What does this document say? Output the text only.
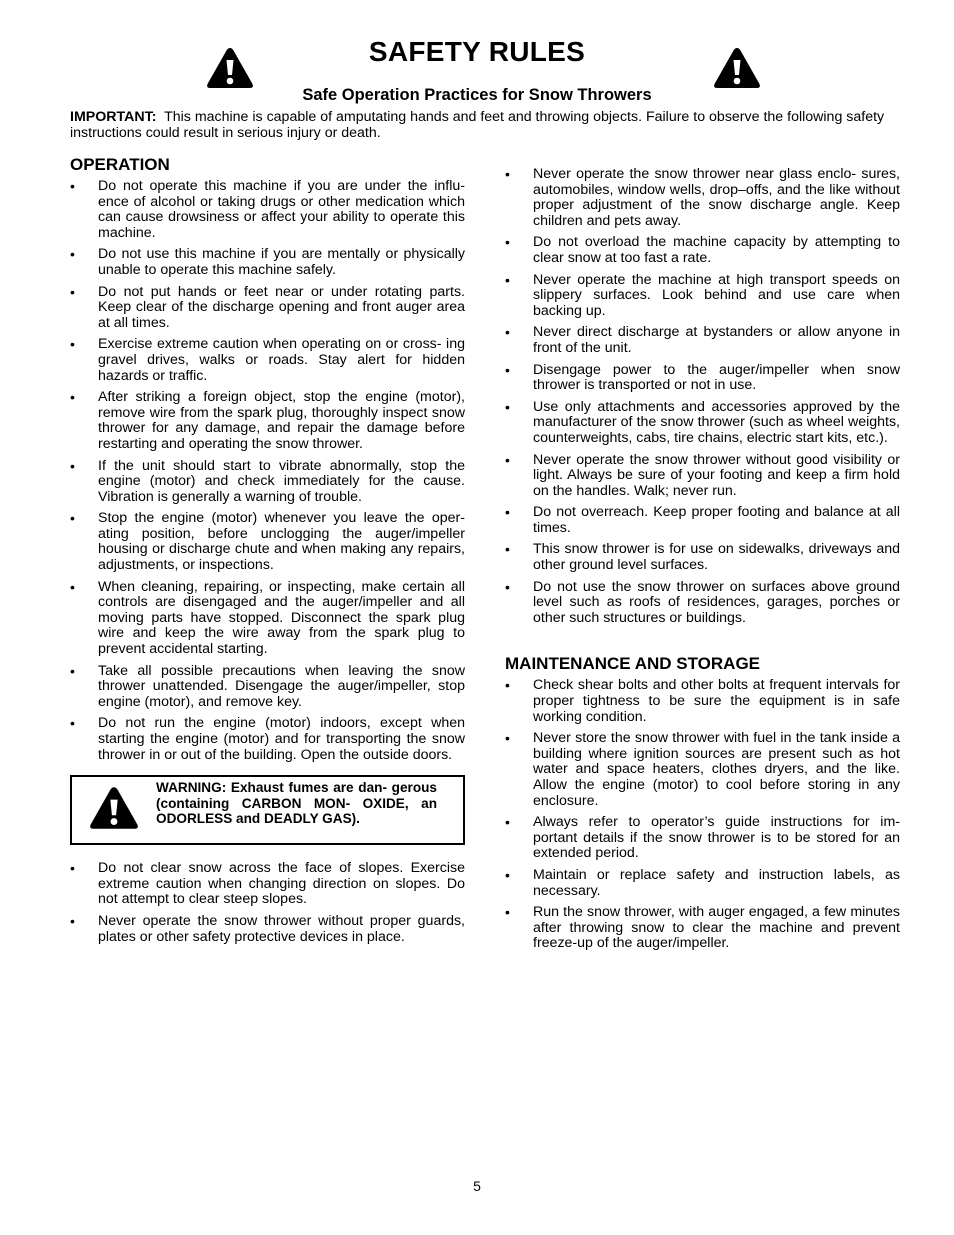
SAFETY RULES
Safe Operation Practices for Snow Throwers
IMPORTANT: This machine is capable of amputating hands and feet and throwing objects. Failure to observe the following safety instructions could result in serious injury or death.
OPERATION
• Do not operate this machine if you are under the influ- ence of alcohol or taking drugs or other medication which can cause drowsiness or affect your ability to operate this machine.
• Do not use this machine if you are mentally or physically unable to operate this machine safely.
• Do not put hands or feet near or under rotating parts. Keep clear of the discharge opening and front auger area at all times.
• Exercise extreme caution when operating on or cross- ing gravel drives, walks or roads. Stay alert for hidden hazards or traffic.
• After striking a foreign object, stop the engine (motor), remove wire from the spark plug, thoroughly inspect snow thrower for any damage, and repair the damage before restarting and operating the snow thrower.
• If the unit should start to vibrate abnormally, stop the engine (motor) and check immediately for the cause. Vibration is generally a warning of trouble.
• Stop the engine (motor) whenever you leave the oper- ating position, before unclogging the auger/impeller housing or discharge chute and when making any repairs, adjustments, or inspections.
• When cleaning, repairing, or inspecting, make certain all controls are disengaged and the auger/impeller and all moving parts have stopped. Disconnect the spark plug wire and keep the wire away from the spark plug to prevent accidental starting.
• Take all possible precautions when leaving the snow thrower unattended. Disengage the auger/impeller, stop engine (motor), and remove key.
• Do not run the engine (motor) indoors, except when starting the engine (motor) and for transporting the snow thrower in or out of the building. Open the outside doors.
WARNING: Exhaust fumes are dan- gerous (containing CARBON MON- OXIDE, an ODORLESS and DEADLY GAS).
• Do not clear snow across the face of slopes. Exercise extreme caution when changing direction on slopes. Do not attempt to clear steep slopes.
• Never operate the snow thrower without proper guards, plates or other safety protective devices in place.
• Never operate the snow thrower near glass enclo- sures, automobiles, window wells, drop–offs, and the like without proper adjustment of the snow discharge angle. Keep children and pets away.
• Do not overload the machine capacity by attempting to clear snow at too fast a rate.
• Never operate the machine at high transport speeds on slippery surfaces. Look behind and use care when backing up.
• Never direct discharge at bystanders or allow anyone in front of the unit.
• Disengage power to the auger/impeller when snow thrower is transported or not in use.
• Use only attachments and accessories approved by the manufacturer of the snow thrower (such as wheel weights, counterweights, cabs, tire chains, electric start kits, etc.).
• Never operate the snow thrower without good visibility or light. Always be sure of your footing and keep a firm hold on the handles. Walk; never run.
• Do not overreach. Keep proper footing and balance at all times.
• This snow thrower is for use on sidewalks, driveways and other ground level surfaces.
• Do not use the snow thrower on surfaces above ground level such as roofs of residences, garages, porches or other such structures or buildings.
MAINTENANCE AND STORAGE
• Check shear bolts and other bolts at frequent intervals for proper tightness to be sure the equipment is in safe working condition.
• Never store the snow thrower with fuel in the tank inside a building where ignition sources are present such as hot water and space heaters, clothes dryers, and the like. Allow the engine (motor) to cool before storing in any enclosure.
• Always refer to operator’s guide instructions for im- portant details if the snow thrower is to be stored for an extended period.
• Maintain or replace safety and instruction labels, as necessary.
• Run the snow thrower, with auger engaged, a few minutes after throwing snow to clear the machine and prevent freeze-up of the auger/impeller.
5
